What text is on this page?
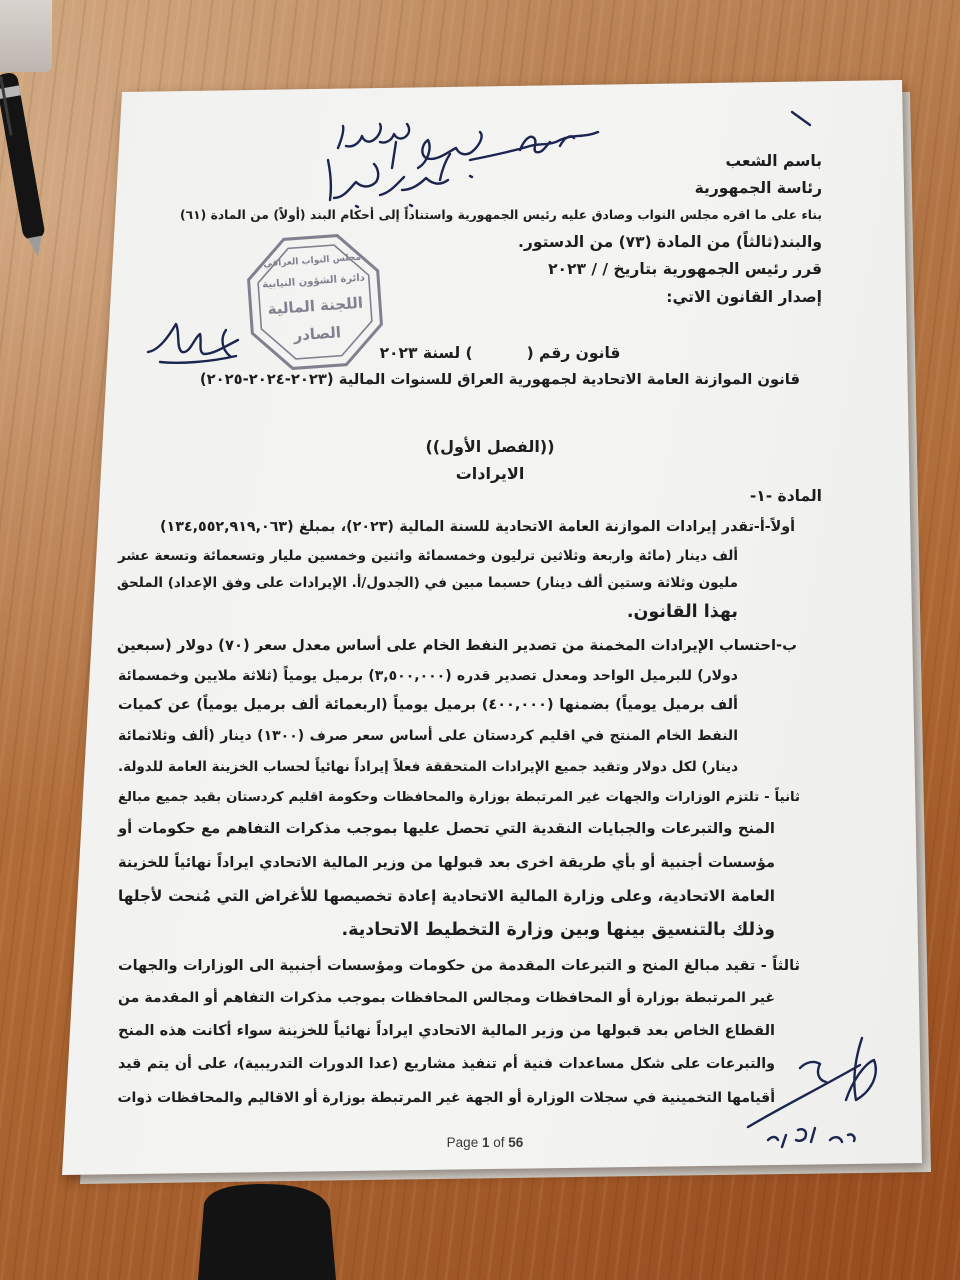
باسم الشعب
رئاسة الجمهورية
بناء على ما اقره مجلس النواب وصادق عليه رئيس الجمهورية واستناداً إلى أحكام البند (أولاً) من المادة (٦١)
والبند(ثالثاً) من المادة (٧٣) من الدستور.
قرر رئيس الجمهورية بتاريخ / / ٢٠٢٣
إصدار القانون الاتي:
قانون رقم (          ) لسنة ٢٠٢٣
قانون الموازنة العامة الاتحادية لجمهورية العراق للسنوات المالية (٢٠٢٣-٢٠٢٤-٢٠٢٥)
((الفصل الأول))
الايرادات
المادة -١-
أولاً-أ-تقدر إيرادات الموازنة العامة الاتحادية للسنة المالية (٢٠٢٣)، بمبلغ (١٣٤,٥٥٢,٩١٩,٠٦٣)
ألف دينار (مائة واربعة وثلاثين ترليون وخمسمائة واثنين وخمسين مليار وتسعمائة وتسعة عشر
مليون وثلاثة وستين ألف دينار) حسبما مبين في (الجدول/أ. الإيرادات على وفق الإعداد) الملحق
بهذا القانون.
ب-احتساب الإيرادات المخمنة من تصدير النفط الخام على أساس معدل سعر (٧٠) دولار (سبعين
دولار) للبرميل الواحد ومعدل تصدير قدره (٣,٥٠٠,٠٠٠) برميل يومياً (ثلاثة ملايين وخمسمائة
ألف برميل يومياً) بضمنها (٤٠٠,٠٠٠) برميل يومياً (اربعمائة ألف برميل يومياً) عن كميات
النفط الخام المنتج في اقليم كردستان على أساس سعر صرف (١٣٠٠) دينار (ألف وثلاثمائة
دينار) لكل دولار وتقيد جميع الإيرادات المتحققة فعلاً إيراداً نهائياً لحساب الخزينة العامة للدولة.
ثانياً - تلتزم الوزارات والجهات غير المرتبطة بوزارة والمحافظات وحكومة اقليم كردستان بقيد جميع مبالغ
المنح والتبرعات والجبايات النقدية التي تحصل عليها بموجب مذكرات التفاهم مع حكومات أو
مؤسسات أجنبية أو بأي طريقة اخرى بعد قبولها من وزير المالية الاتحادي ايراداً نهائياً للخزينة
العامة الاتحادية، وعلى وزارة المالية الاتحادية إعادة تخصيصها للأغراض التي مُنحت لأجلها
وذلك بالتنسيق بينها وبين وزارة التخطيط الاتحادية.
ثالثاً - تقيد مبالغ المنح و التبرعات المقدمة من حكومات ومؤسسات أجنبية الى الوزارات والجهات
غير المرتبطة بوزارة أو المحافظات ومجالس المحافظات بموجب مذكرات التفاهم أو المقدمة من
القطاع الخاص بعد قبولها من وزير المالية الاتحادي ايراداً نهائياً للخزينة سواء أكانت هذه المنح
والتبرعات على شكل مساعدات فنية أم تنفيذ مشاريع (عدا الدورات التدريبية)، على أن يتم قيد
أقيامها التخمينية في سجلات الوزارة أو الجهة غير المرتبطة بوزارة أو الاقاليم والمحافظات ذوات
Page 1 of 56
مجلس النواب العراقي
دائرة الشؤون النيابية
اللجنة المالية
الصادر
